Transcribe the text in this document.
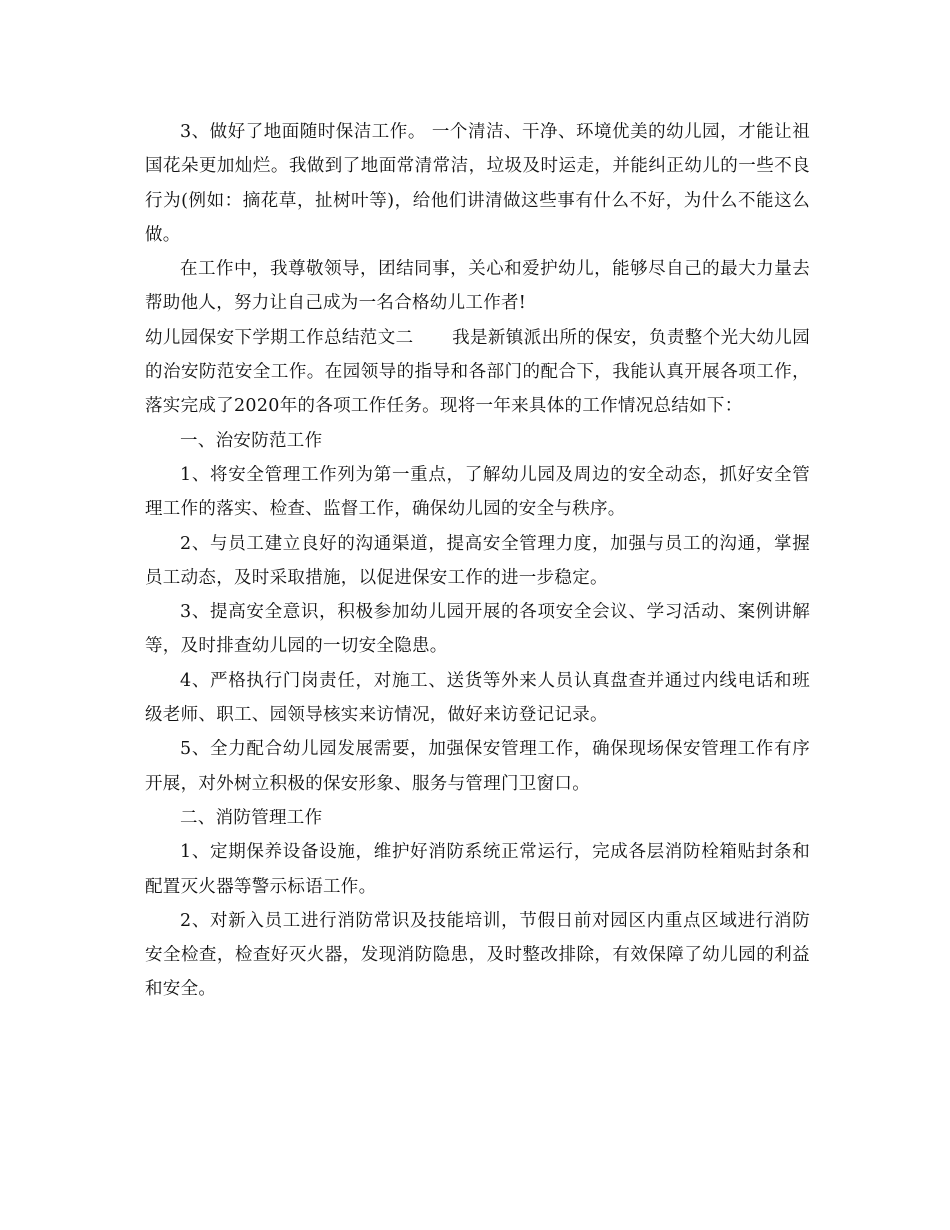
3、做好了地面随时保洁工作。 一个清洁、干净、环境优美的幼儿园，才能让祖国花朵更加灿烂。我做到了地面常清常洁，垃圾及时运走，并能纠正幼儿的一些不良行为(例如：摘花草，扯树叶等)，给他们讲清做这些事有什么不好，为什么不能这么做。

在工作中，我尊敬领导，团结同事，关心和爱护幼儿，能够尽自己的最大力量去帮助他人，努力让自己成为一名合格幼儿工作者!

幼儿园保安下学期工作总结范文二 我是新镇派出所的保安，负责整个光大幼儿园的治安防范安全工作。在园领导的指导和各部门的配合下，我能认真开展各项工作，落实完成了2020年的各项工作任务。现将一年来具体的工作情况总结如下：

一、治安防范工作

1、将安全管理工作列为第一重点，了解幼儿园及周边的安全动态，抓好安全管理工作的落实、检查、监督工作，确保幼儿园的安全与秩序。

2、与员工建立良好的沟通渠道，提高安全管理力度，加强与员工的沟通，掌握员工动态，及时采取措施，以促进保安工作的进一步稳定。

3、提高安全意识，积极参加幼儿园开展的各项安全会议、学习活动、案例讲解等，及时排查幼儿园的一切安全隐患。

4、严格执行门岗责任，对施工、送货等外来人员认真盘查并通过内线电话和班级老师、职工、园领导核实来访情况，做好来访登记记录。

5、全力配合幼儿园发展需要，加强保安管理工作，确保现场保安管理工作有序开展，对外树立积极的保安形象、服务与管理门卫窗口。

二、消防管理工作

1、定期保养设备设施，维护好消防系统正常运行，完成各层消防栓箱贴封条和配置灭火器等警示标语工作。

2、对新入员工进行消防常识及技能培训，节假日前对园区内重点区域进行消防安全检查，检查好灭火器，发现消防隐患，及时整改排除，有效保障了幼儿园的利益和安全。
